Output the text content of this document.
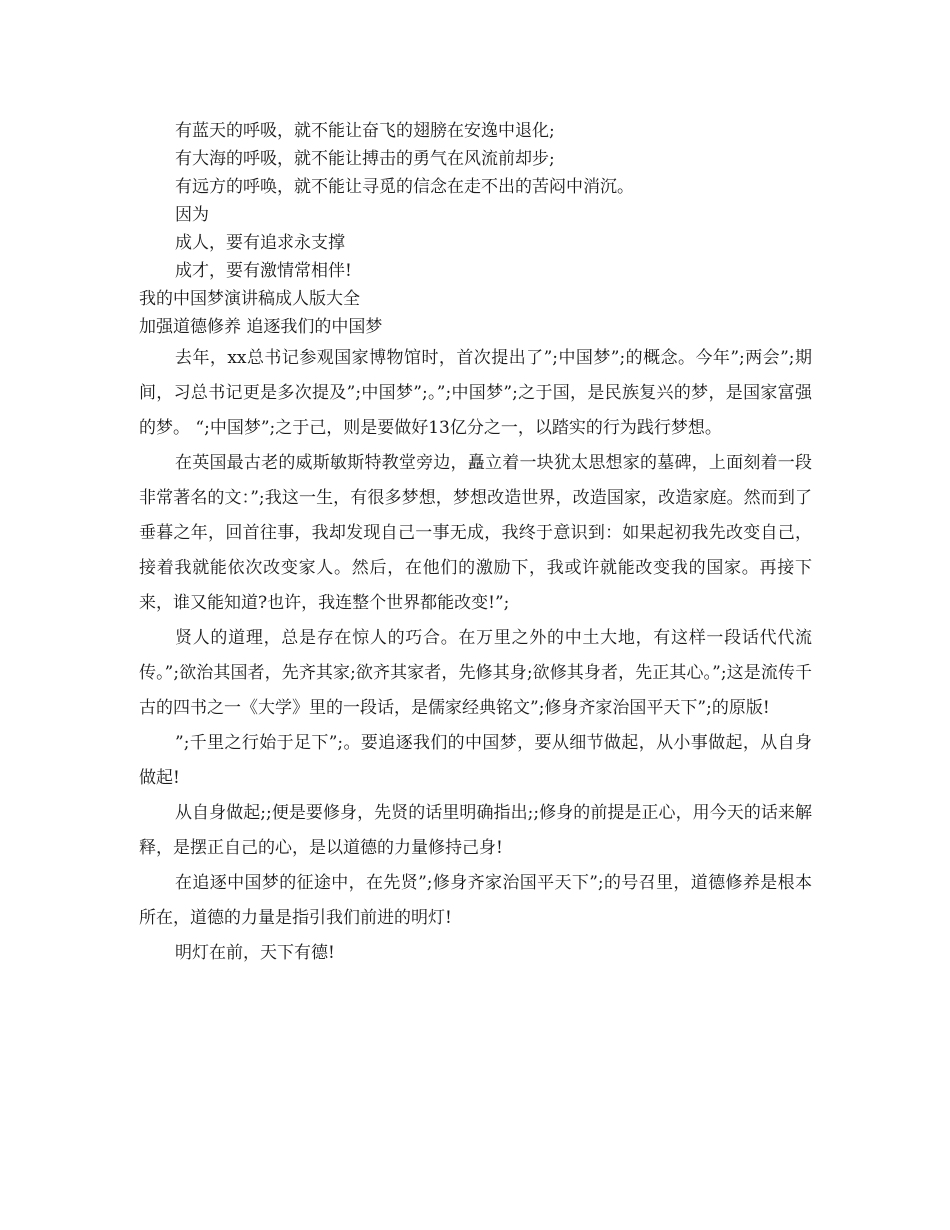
有蓝天的呼吸，就不能让奋飞的翅膀在安逸中退化;
有大海的呼吸，就不能让搏击的勇气在风流前却步;
有远方的呼唤，就不能让寻觅的信念在走不出的苦闷中消沉。
因为
成人，要有追求永支撑
成才，要有激情常相伴!
我的中国梦演讲稿成人版大全
加强道德修养 追逐我们的中国梦

去年，xx总书记参观国家博物馆时，首次提出了”;中国梦”;的概念。今年”;两会”;期间，习总书记更是多次提及”;中国梦”;。”;中国梦”;之于国，是民族复兴的梦，是国家富强的梦。 “;中国梦”;之于己，则是要做好13亿分之一，以踏实的行为践行梦想。

在英国最古老的威斯敏斯特教堂旁边，矗立着一块犹太思想家的墓碑，上面刻着一段非常著名的文：”;我这一生，有很多梦想，梦想改造世界，改造国家，改造家庭。然而到了垂暮之年，回首往事，我却发现自己一事无成，我终于意识到：如果起初我先改变自己，接着我就能依次改变家人。然后，在他们的激励下，我或许就能改变我的国家。再接下来，谁又能知道?也许，我连整个世界都能改变!”;

贤人的道理，总是存在惊人的巧合。在万里之外的中土大地，有这样一段话代代流传。”;欲治其国者，先齐其家;欲齐其家者，先修其身;欲修其身者，先正其心。”;这是流传千古的四书之一《大学》里的一段话，是儒家经典铭文”;修身齐家治国平天下”;的原版!

”;千里之行始于足下”;。要追逐我们的中国梦，要从细节做起，从小事做起，从自身做起!

从自身做起;;便是要修身，先贤的话里明确指出;;修身的前提是正心，用今天的话来解释，是摆正自己的心，是以道德的力量修持己身!

在追逐中国梦的征途中，在先贤”;修身齐家治国平天下”;的号召里，道德修养是根本所在，道德的力量是指引我们前进的明灯!

明灯在前，天下有德!
